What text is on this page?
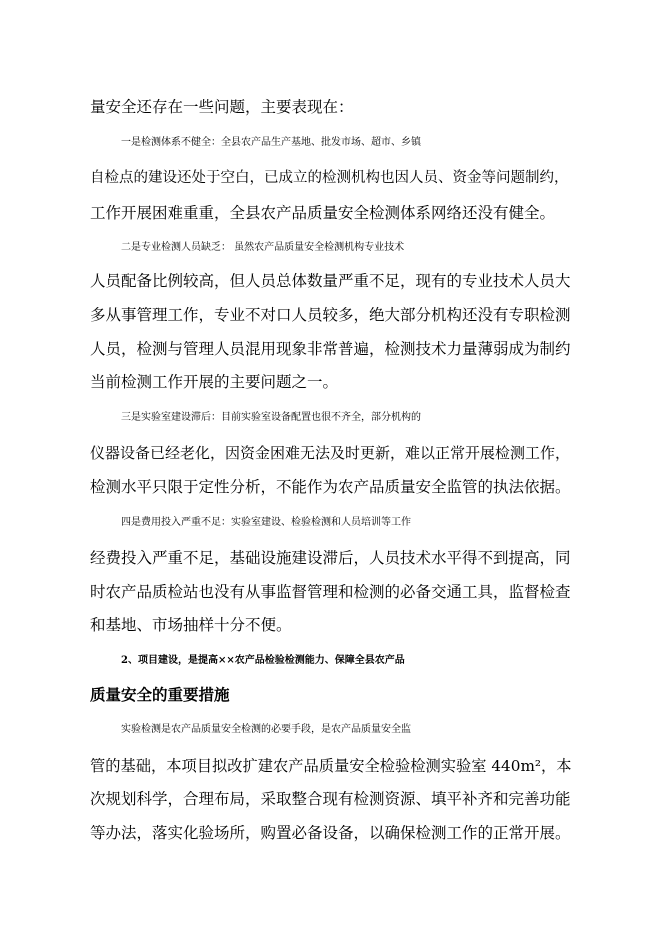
量安全还存在一些问题，主要表现在：
一是检测体系不健全：全县农产品生产基地、批发市场、超市、乡镇
自检点的建设还处于空白，已成立的检测机构也因人员、资金等问题制约，
工作开展困难重重，全县农产品质量安全检测体系网络还没有健全。
二是专业检测人员缺乏： 虽然农产品质量安全检测机构专业技术
人员配备比例较高，但人员总体数量严重不足，现有的专业技术人员大
多从事管理工作，专业不对口人员较多，绝大部分机构还没有专职检测
人员，检测与管理人员混用现象非常普遍，检测技术力量薄弱成为制约
当前检测工作开展的主要问题之一。
三是实验室建设滞后：目前实验室设备配置也很不齐全，部分机构的
仪器设备已经老化，因资金困难无法及时更新，难以正常开展检测工作，
检测水平只限于定性分析，不能作为农产品质量安全监管的执法依据。
四是费用投入严重不足：实验室建设、检验检测和人员培训等工作
经费投入严重不足，基础设施建设滞后，人员技术水平得不到提高，同
时农产品质检站也没有从事监督管理和检测的必备交通工具，监督检查
和基地、市场抽样十分不便。
2、项目建设，是提高××农产品检验检测能力、保障全县农产品
质量安全的重要措施
实验检测是农产品质量安全检测的必要手段，是农产品质量安全监
管的基础，本项目拟改扩建农产品质量安全检验检测实验室 440m²，本
次规划科学，合理布局，采取整合现有检测资源、填平补齐和完善功能
等办法，落实化验场所，购置必备设备，以确保检测工作的正常开展。
